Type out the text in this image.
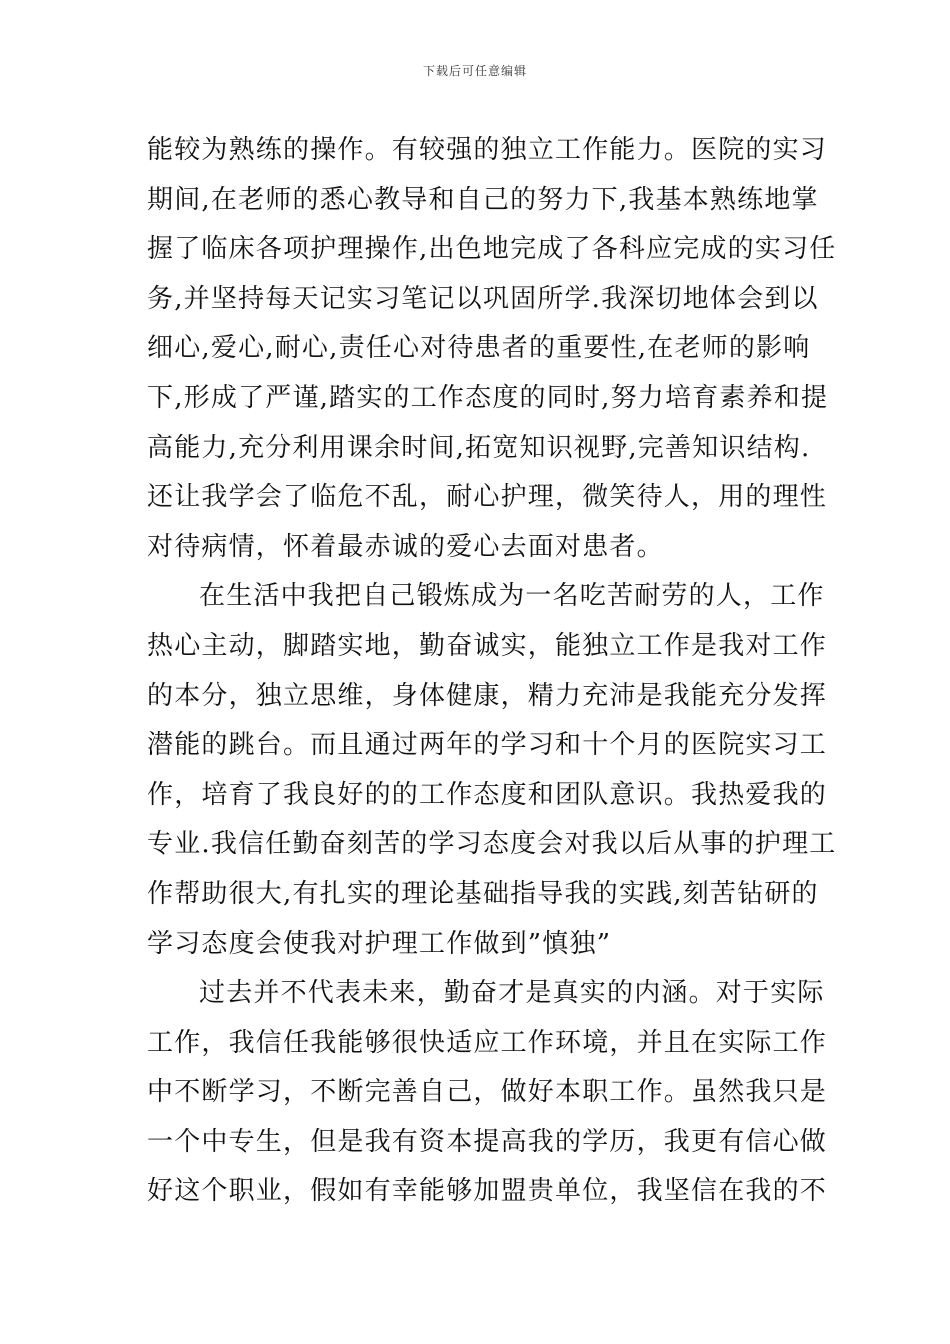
下载后可任意编辑
能较为熟练的操作。有较强的独立工作能力。医院的实习
期间,在老师的悉心教导和自己的努力下,我基本熟练地掌
握了临床各项护理操作,出色地完成了各科应完成的实习任
务,并坚持每天记实习笔记以巩固所学.我深切地体会到以
细心,爱心,耐心,责任心对待患者的重要性,在老师的影响
下,形成了严谨,踏实的工作态度的同时,努力培育素养和提
高能力,充分利用课余时间,拓宽知识视野,完善知识结构.
还让我学会了临危不乱，耐心护理，微笑待人，用的理性
对待病情，怀着最赤诚的爱心去面对患者。
在生活中我把自己锻炼成为一名吃苦耐劳的人，工作
热心主动，脚踏实地，勤奋诚实，能独立工作是我对工作
的本分，独立思维，身体健康，精力充沛是我能充分发挥
潜能的跳台。而且通过两年的学习和十个月的医院实习工
作，培育了我良好的的工作态度和团队意识。我热爱我的
专业.我信任勤奋刻苦的学习态度会对我以后从事的护理工
作帮助很大,有扎实的理论基础指导我的实践,刻苦钻研的
学习态度会使我对护理工作做到”慎独”
过去并不代表未来，勤奋才是真实的内涵。对于实际
工作，我信任我能够很快适应工作环境，并且在实际工作
中不断学习，不断完善自己，做好本职工作。虽然我只是
一个中专生，但是我有资本提高我的学历，我更有信心做
好这个职业，假如有幸能够加盟贵单位，我坚信在我的不
